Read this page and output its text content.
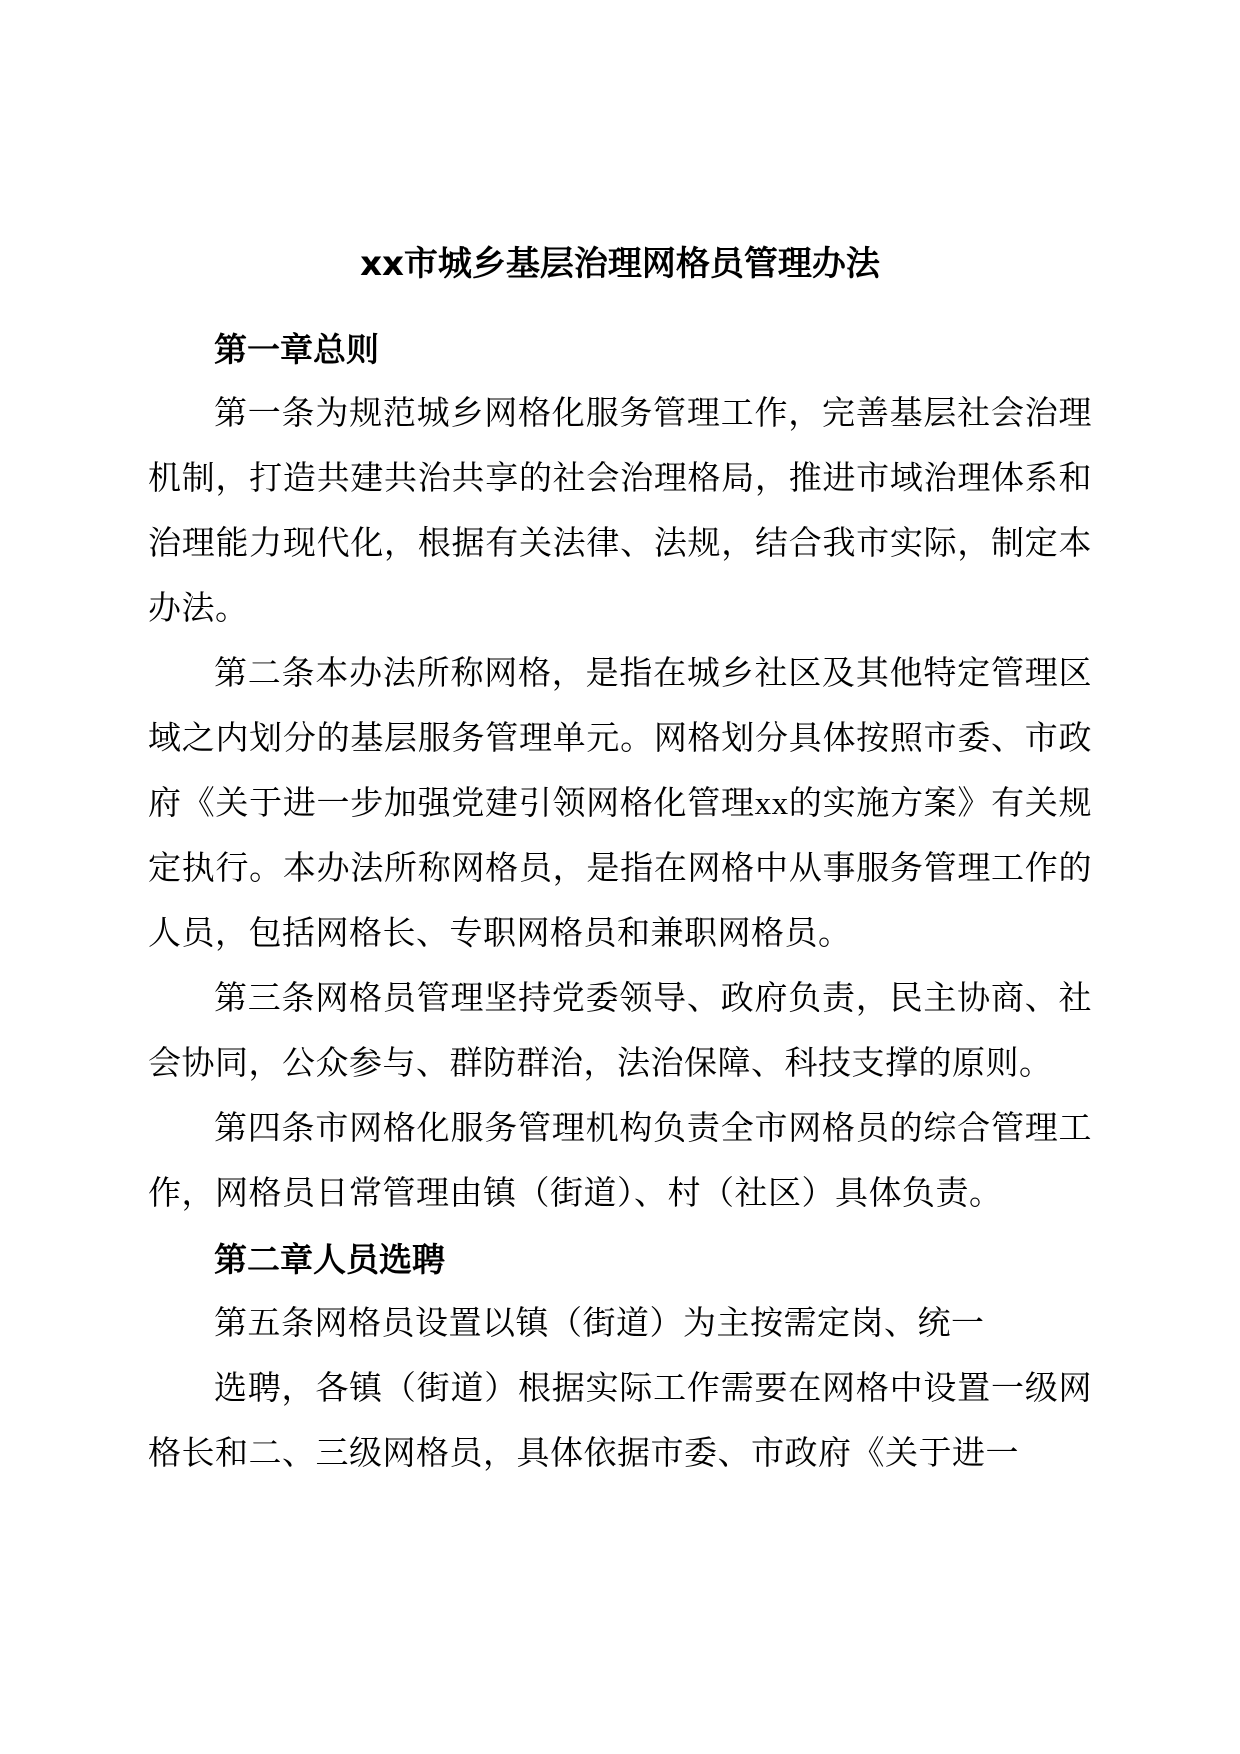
xx市城乡基层治理网格员管理办法
第一章总则

第一条为规范城乡网格化服务管理工作，完善基层社会治理机制，打造共建共治共享的社会治理格局，推进市域治理体系和治理能力现代化，根据有关法律、法规，结合我市实际，制定本办法。

第二条本办法所称网格，是指在城乡社区及其他特定管理区域之内划分的基层服务管理单元。网格划分具体按照市委、市政府《关于进一步加强党建引领网格化管理xx的实施方案》有关规定执行。本办法所称网格员，是指在网格中从事服务管理工作的人员，包括网格长、专职网格员和兼职网格员。

第三条网格员管理坚持党委领导、政府负责，民主协商、社会协同，公众参与、群防群治，法治保障、科技支撑的原则。

第四条市网格化服务管理机构负责全市网格员的综合管理工作，网格员日常管理由镇（街道）、村（社区）具体负责。

第二章人员选聘

第五条网格员设置以镇（街道）为主按需定岗、统一

选聘，各镇（街道）根据实际工作需要在网格中设置一级网格长和二、三级网格员，具体依据市委、市政府《关于进一
